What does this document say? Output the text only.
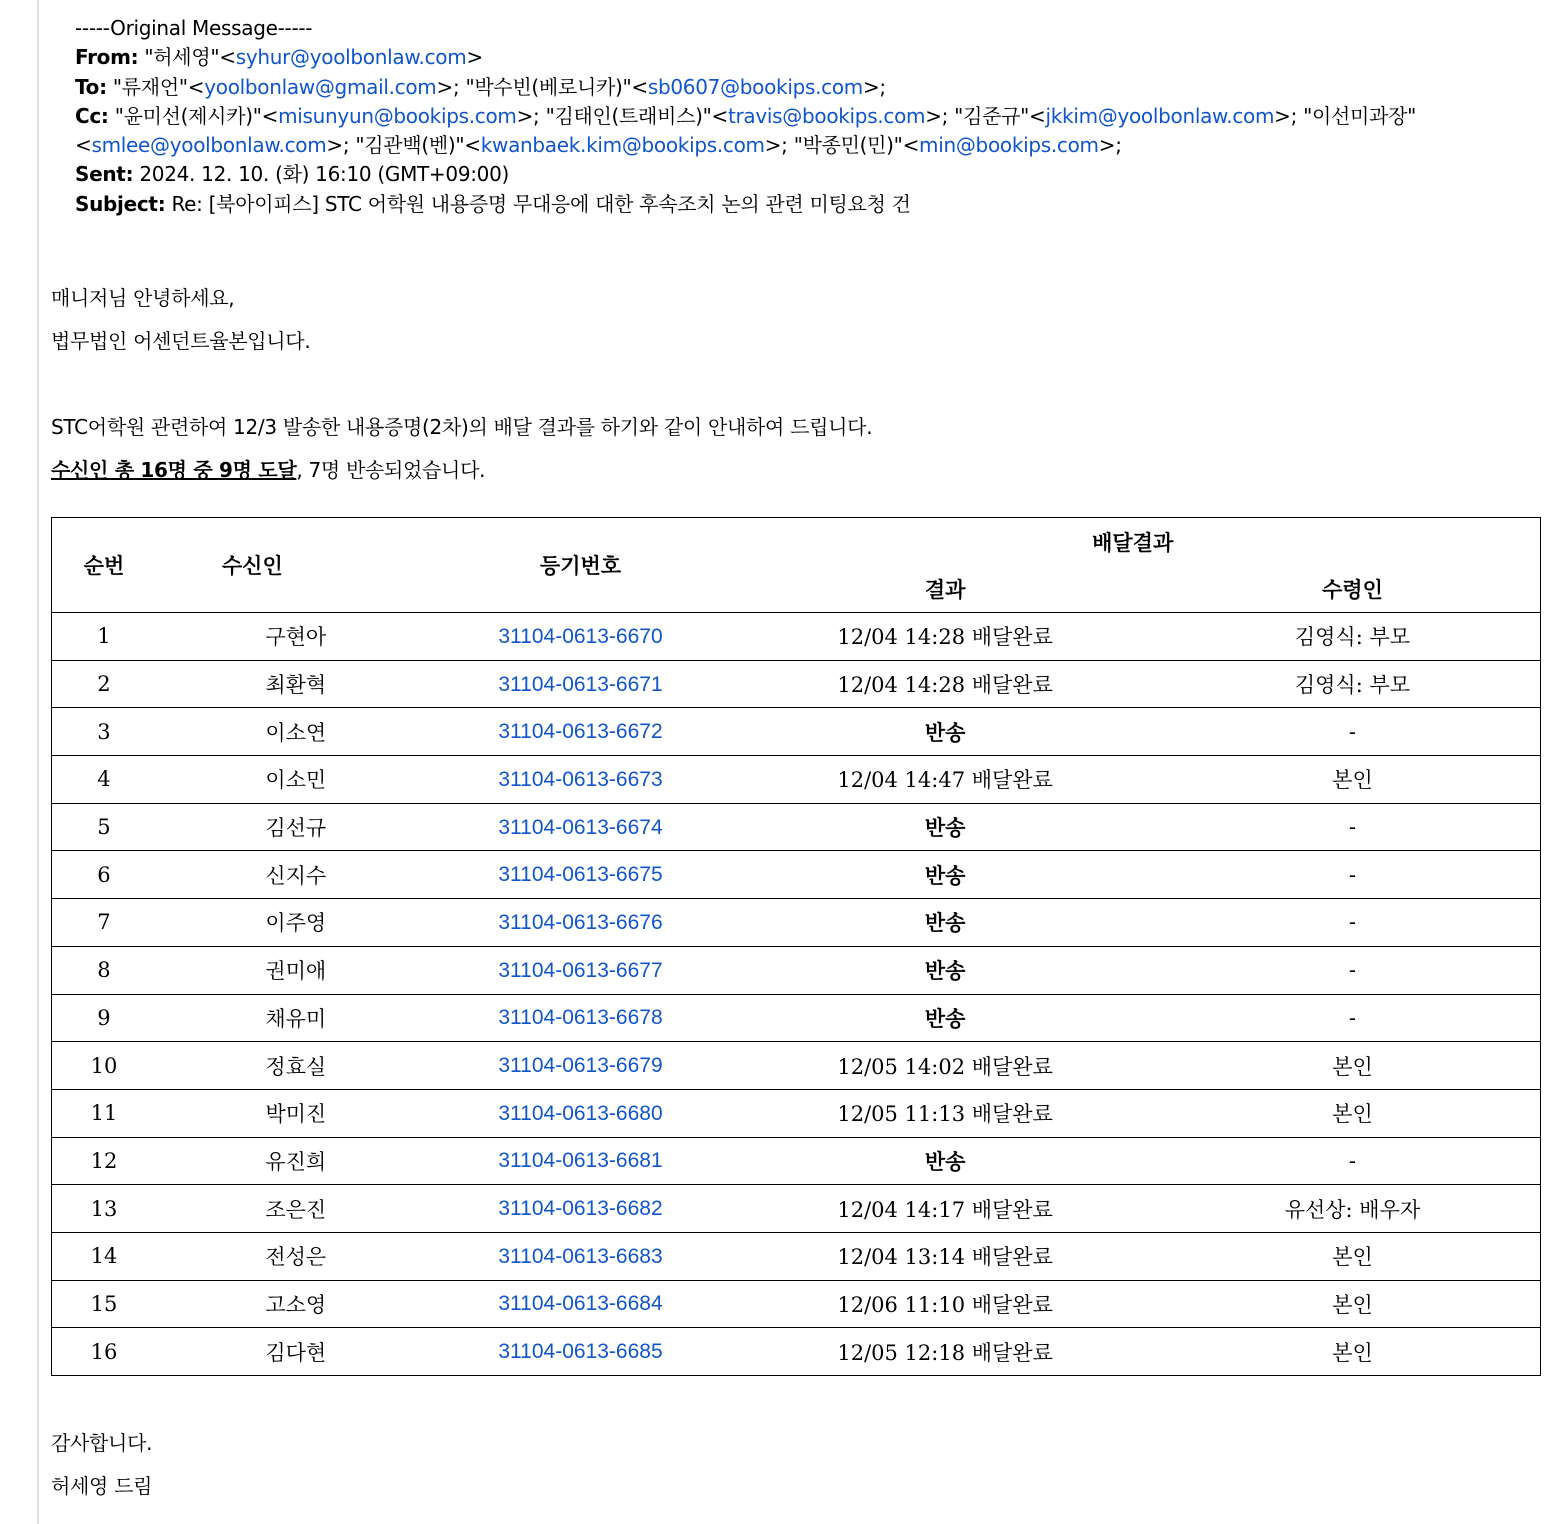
-----Original Message-----
From: "허세영"<syhur@yoolbonlaw.com>
To: "류재언"<yoolbonlaw@gmail.com>; "박수빈(베로니카)"<sb0607@bookips.com>;
Cc: "윤미선(제시카)"<misunyun@bookips.com>; "김태인(트래비스)"<travis@bookips.com>; "김준규"<jkkim@yoolbonlaw.com>; "이선미과장"
<smlee@yoolbonlaw.com>; "김관백(벤)"<kwanbaek.kim@bookips.com>; "박종민(민)"<min@bookips.com>;
Sent: 2024. 12. 10. (화) 16:10 (GMT+09:00)
Subject: Re: [북아이피스] STC 어학원 내용증명 무대응에 대한 후속조치 논의 관련 미팅요청 건
매니저님 안녕하세요,
법무법인 어센던트율본입니다.
STC어학원 관련하여 12/3 발송한 내용증명(2차)의 배달 결과를 하기와 같이 안내하여 드립니다.
수신인 총 16명 중 9명 도달, 7명 반송되었습니다.
순번	수신인	등기번호	배달결과	
			결과	수령인
1	구현아	31104-0613-6670	12/04 14:28 배달완료	김영식: 부모
2	최환혁	31104-0613-6671	12/04 14:28 배달완료	김영식: 부모
3	이소연	31104-0613-6672	반송	-
4	이소민	31104-0613-6673	12/04 14:47 배달완료	본인
5	김선규	31104-0613-6674	반송	-
6	신지수	31104-0613-6675	반송	-
7	이주영	31104-0613-6676	반송	-
8	권미애	31104-0613-6677	반송	-
9	채유미	31104-0613-6678	반송	-
10	정효실	31104-0613-6679	12/05 14:02 배달완료	본인
11	박미진	31104-0613-6680	12/05 11:13 배달완료	본인
12	유진희	31104-0613-6681	반송	-
13	조은진	31104-0613-6682	12/04 14:17 배달완료	유선상: 배우자
14	전성은	31104-0613-6683	12/04 13:14 배달완료	본인
15	고소영	31104-0613-6684	12/06 11:10 배달완료	본인
16	김다현	31104-0613-6685	12/05 12:18 배달완료	본인
감사합니다.
허세영 드림
